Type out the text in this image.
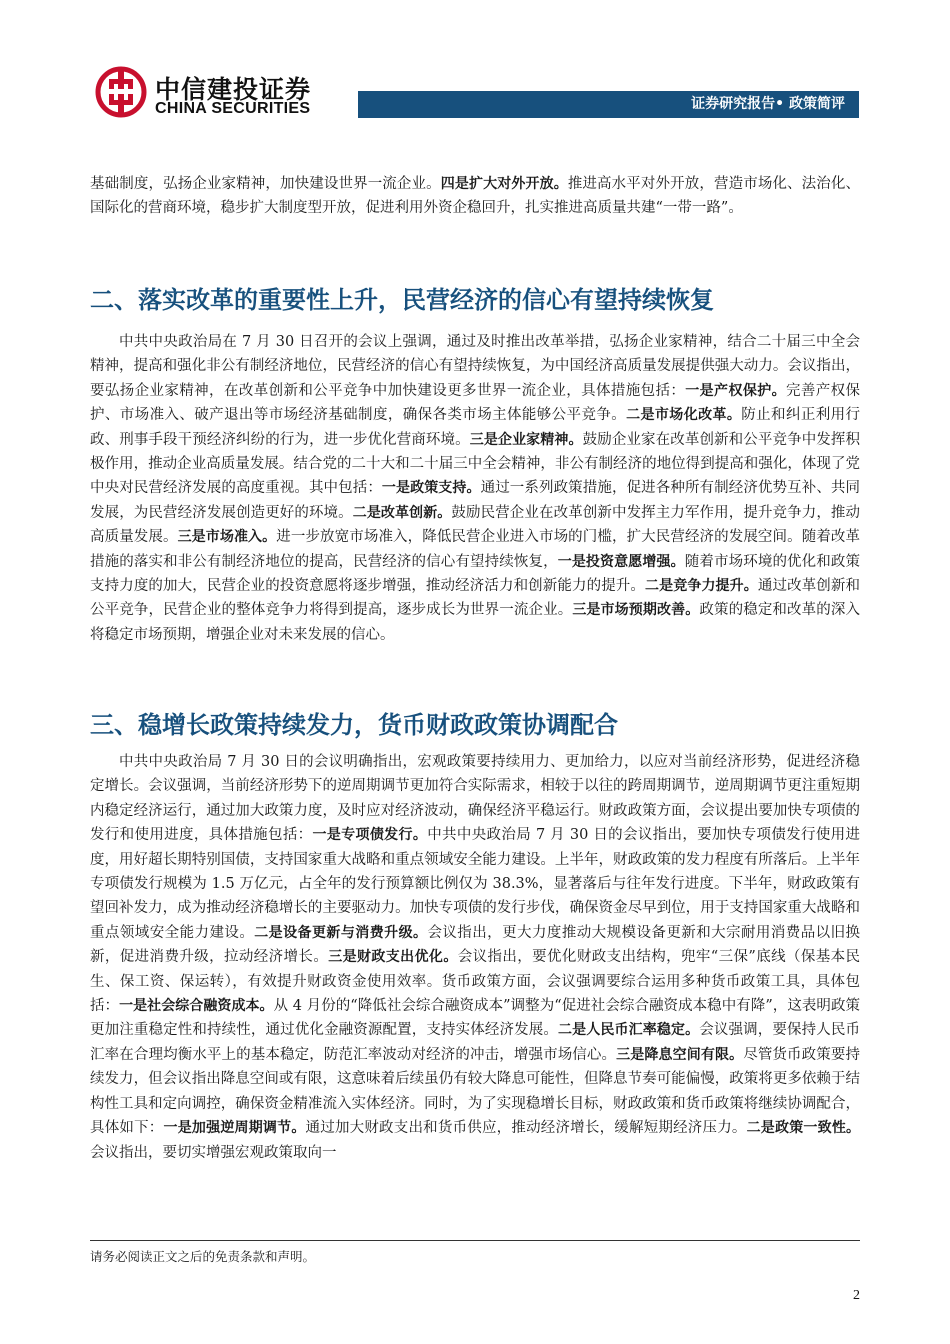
中信建投证券
CHINA SECURITIES	证券研究报告• 政策简评

基础制度，弘扬企业家精神，加快建设世界一流企业。四是扩大对外开放。推进高水平对外开放，营造市场化、法治化、国际化的营商环境，稳步扩大制度型开放，促进利用外资企稳回升，扎实推进高质量共建“一带一路”。

二、落实改革的重要性上升，民营经济的信心有望持续恢复

中共中央政治局在 7 月 30 日召开的会议上强调，通过及时推出改革举措，弘扬企业家精神，结合二十届三中全会精神，提高和强化非公有制经济地位，民营经济的信心有望持续恢复，为中国经济高质量发展提供强大动力。会议指出，要弘扬企业家精神，在改革创新和公平竞争中加快建设更多世界一流企业，具体措施包括：一是产权保护。完善产权保护、市场准入、破产退出等市场经济基础制度，确保各类市场主体能够公平竞争。二是市场化改革。防止和纠正利用行政、刑事手段干预经济纠纷的行为，进一步优化营商环境。三是企业家精神。鼓励企业家在改革创新和公平竞争中发挥积极作用，推动企业高质量发展。结合党的二十大和二十届三中全会精神，非公有制经济的地位得到提高和强化，体现了党中央对民营经济发展的高度重视。其中包括：一是政策支持。通过一系列政策措施，促进各种所有制经济优势互补、共同发展，为民营经济发展创造更好的环境。二是改革创新。鼓励民营企业在改革创新中发挥主力军作用，提升竞争力，推动高质量发展。三是市场准入。进一步放宽市场准入，降低民营企业进入市场的门槛，扩大民营经济的发展空间。随着改革措施的落实和非公有制经济地位的提高，民营经济的信心有望持续恢复，一是投资意愿增强。随着市场环境的优化和政策支持力度的加大，民营企业的投资意愿将逐步增强，推动经济活力和创新能力的提升。二是竞争力提升。通过改革创新和公平竞争，民营企业的整体竞争力将得到提高，逐步成长为世界一流企业。三是市场预期改善。政策的稳定和改革的深入将稳定市场预期，增强企业对未来发展的信心。

三、稳增长政策持续发力，货币财政政策协调配合

中共中央政治局 7 月 30 日的会议明确指出，宏观政策要持续用力、更加给力，以应对当前经济形势，促进经济稳定增长。会议强调，当前经济形势下的逆周期调节更加符合实际需求，相较于以往的跨周期调节，逆周期调节更注重短期内稳定经济运行，通过加大政策力度，及时应对经济波动，确保经济平稳运行。财政政策方面，会议提出要加快专项债的发行和使用进度，具体措施包括：一是专项债发行。中共中央政治局 7 月 30 日的会议指出，要加快专项债发行使用进度，用好超长期特别国债，支持国家重大战略和重点领域安全能力建设。上半年，财政政策的发力程度有所落后。上半年专项债发行规模为 1.5 万亿元，占全年的发行预算额比例仅为 38.3%，显著落后与往年发行进度。下半年，财政政策有望回补发力，成为推动经济稳增长的主要驱动力。加快专项债的发行步伐，确保资金尽早到位，用于支持国家重大战略和重点领域安全能力建设。二是设备更新与消费升级。会议指出，更大力度推动大规模设备更新和大宗耐用消费品以旧换新，促进消费升级，拉动经济增长。三是财政支出优化。会议指出，要优化财政支出结构，兜牢“三保”底线（保基本民生、保工资、保运转），有效提升财政资金使用效率。货币政策方面，会议强调要综合运用多种货币政策工具，具体包括：一是社会综合融资成本。从 4 月份的“降低社会综合融资成本”调整为“促进社会综合融资成本稳中有降”，这表明政策更加注重稳定性和持续性，通过优化金融资源配置，支持实体经济发展。二是人民币汇率稳定。会议强调，要保持人民币汇率在合理均衡水平上的基本稳定，防范汇率波动对经济的冲击，增强市场信心。三是降息空间有限。尽管货币政策要持续发力，但会议指出降息空间或有限，这意味着后续虽仍有较大降息可能性，但降息节奏可能偏慢，政策将更多依赖于结构性工具和定向调控，确保资金精准流入实体经济。同时，为了实现稳增长目标，财政政策和货币政策将继续协调配合，具体如下：一是加强逆周期调节。通过加大财政支出和货币供应，推动经济增长，缓解短期经济压力。二是政策一致性。会议指出，要切实增强宏观政策取向一

请务必阅读正文之后的免责条款和声明。
2
